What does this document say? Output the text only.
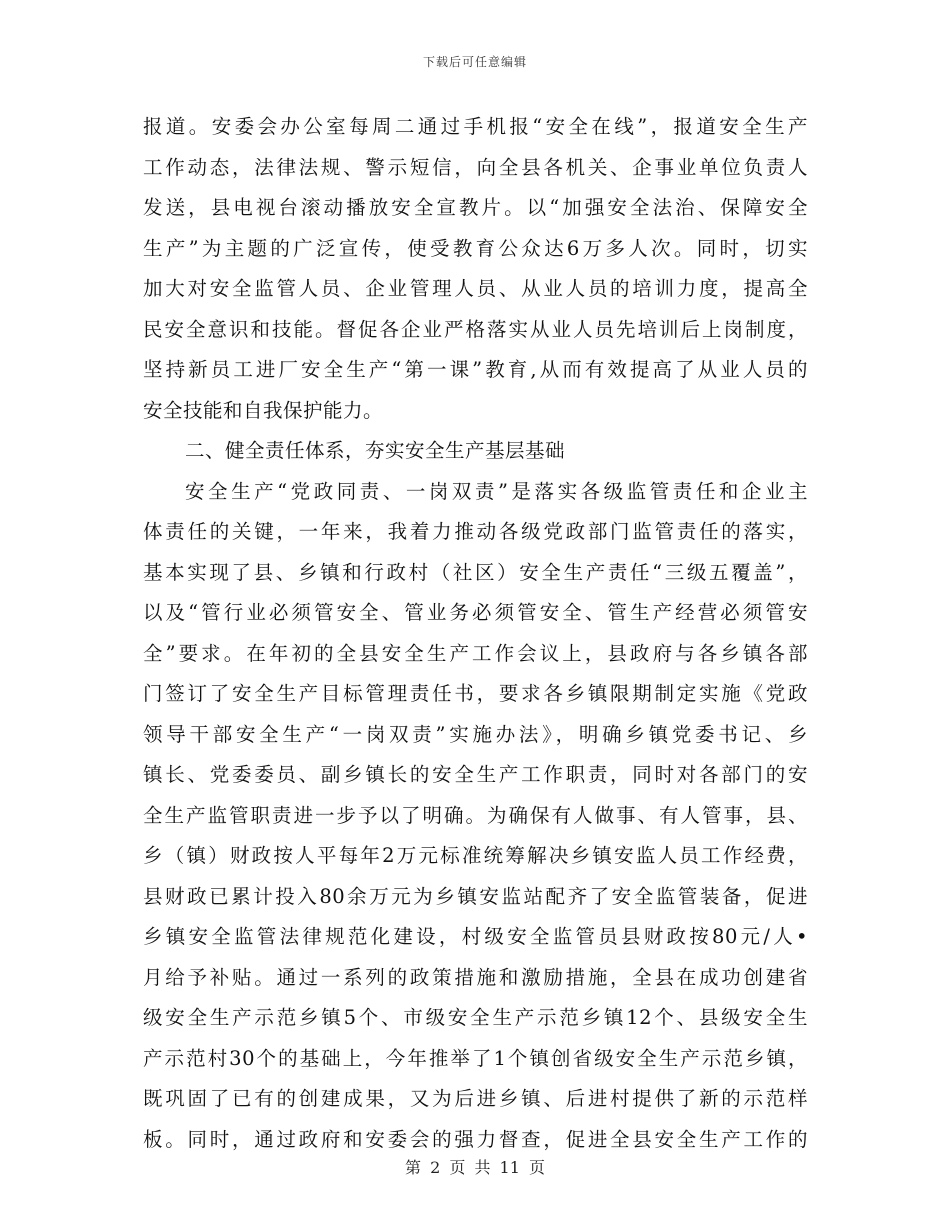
下载后可任意编辑
报道。安委会办公室每周二通过手机报“安全在线”，报道安全生产
工作动态，法律法规、警示短信，向全县各机关、企事业单位负责人
发送，县电视台滚动播放安全宣教片。以“加强安全法治、保障安全
生产”为主题的广泛宣传，使受教育公众达6万多人次。同时，切实
加大对安全监管人员、企业管理人员、从业人员的培训力度，提高全
民安全意识和技能。督促各企业严格落实从业人员先培训后上岗制度，
坚持新员工进厂安全生产“第一课”教育,从而有效提高了从业人员的
安全技能和自我保护能力。
二、健全责任体系，夯实安全生产基层基础
安全生产“党政同责、一岗双责”是落实各级监管责任和企业主
体责任的关键，一年来，我着力推动各级党政部门监管责任的落实，
基本实现了县、乡镇和行政村（社区）安全生产责任“三级五覆盖”，
以及“管行业必须管安全、管业务必须管安全、管生产经营必须管安
全”要求。在年初的全县安全生产工作会议上，县政府与各乡镇各部
门签订了安全生产目标管理责任书，要求各乡镇限期制定实施《党政
领导干部安全生产“一岗双责”实施办法》，明确乡镇党委书记、乡
镇长、党委委员、副乡镇长的安全生产工作职责，同时对各部门的安
全生产监管职责进一步予以了明确。为确保有人做事、有人管事，县、
乡（镇）财政按人平每年2万元标准统筹解决乡镇安监人员工作经费，
县财政已累计投入80余万元为乡镇安监站配齐了安全监管装备，促进
乡镇安全监管法律规范化建设，村级安全监管员县财政按80元/人•
月给予补贴。通过一系列的政策措施和激励措施，全县在成功创建省
级安全生产示范乡镇5个、市级安全生产示范乡镇12个、县级安全生
产示范村30个的基础上，今年推举了1个镇创省级安全生产示范乡镇，
既巩固了已有的创建成果，又为后进乡镇、后进村提供了新的示范样
板。同时，通过政府和安委会的强力督查，促进全县安全生产工作的
第 2 页 共 11 页
